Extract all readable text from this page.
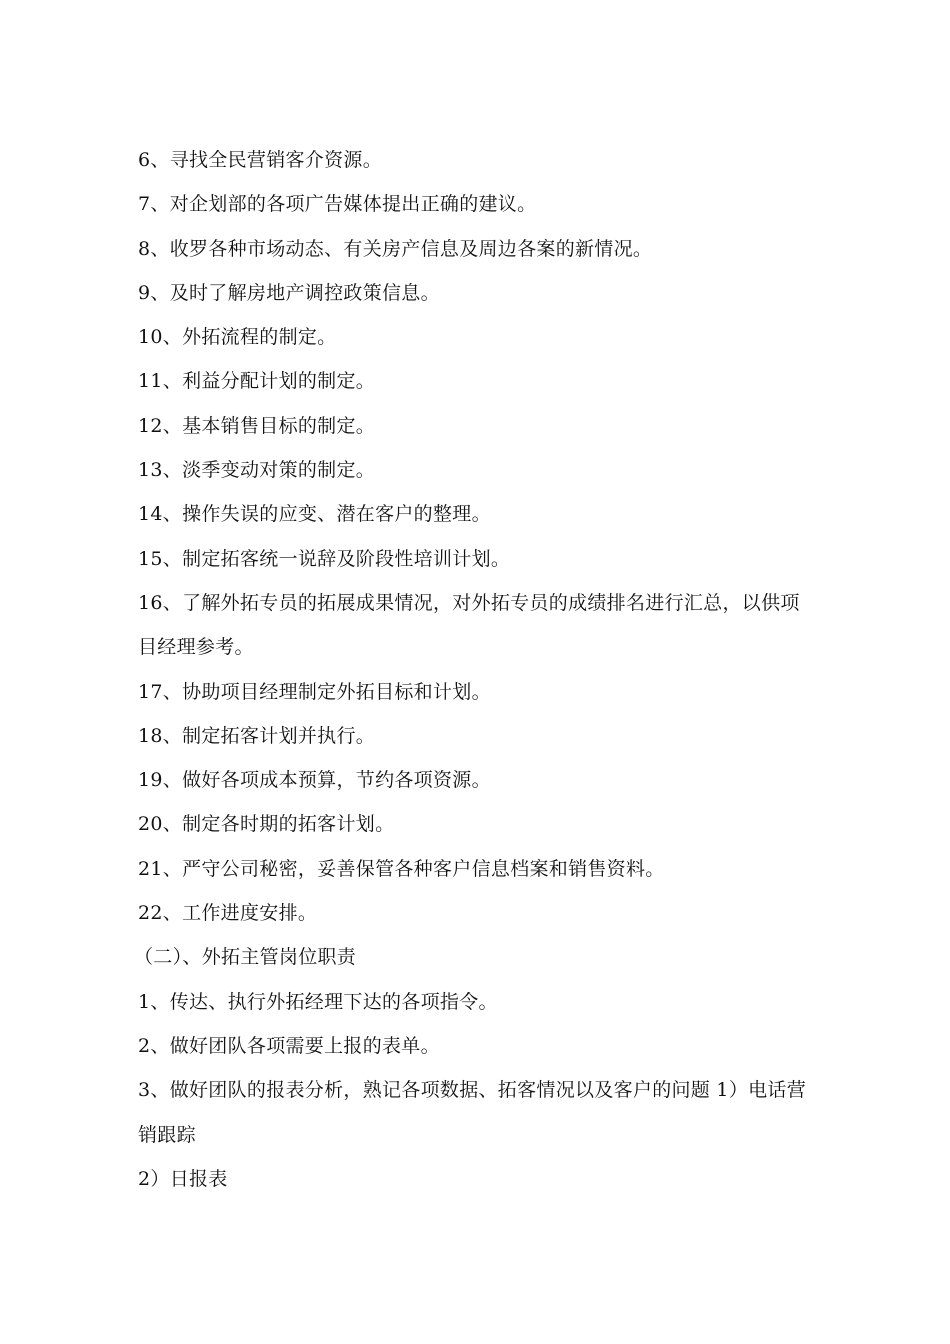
6、寻找全民营销客介资源。
7、对企划部的各项广告媒体提出正确的建议。
8、收罗各种市场动态、有关房产信息及周边各案的新情况。
9、及时了解房地产调控政策信息。
10、外拓流程的制定。
11、利益分配计划的制定。
12、基本销售目标的制定。
13、淡季变动对策的制定。
14、操作失误的应变、潜在客户的整理。
15、制定拓客统一说辞及阶段性培训计划。
16、了解外拓专员的拓展成果情况，对外拓专员的成绩排名进行汇总，以供项
目经理参考。
17、协助项目经理制定外拓目标和计划。
18、制定拓客计划并执行。
19、做好各项成本预算，节约各项资源。
20、制定各时期的拓客计划。
21、严守公司秘密，妥善保管各种客户信息档案和销售资料。
22、工作进度安排。
（二）、外拓主管岗位职责
1、传达、执行外拓经理下达的各项指令。
2、做好团队各项需要上报的表单。
3、做好团队的报表分析，熟记各项数据、拓客情况以及客户的问题 1）电话营
销跟踪
2）日报表
